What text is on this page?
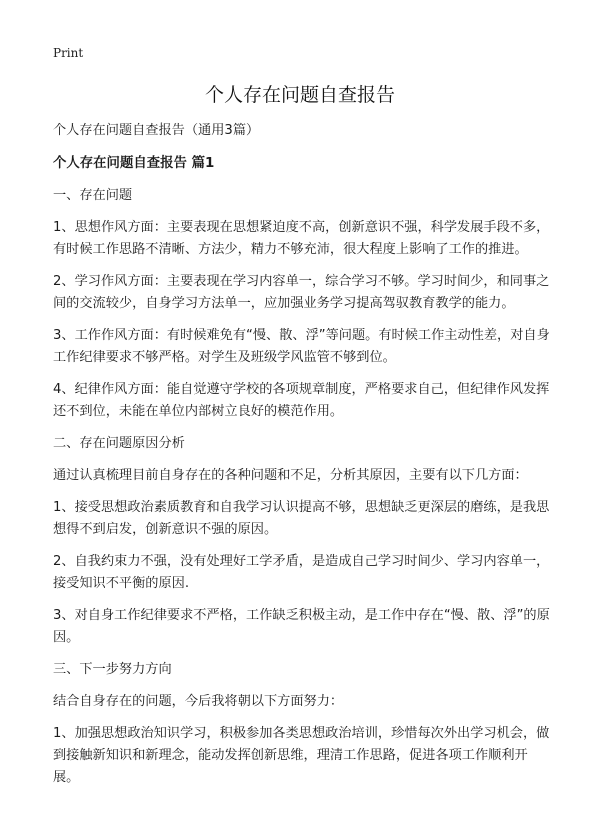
Print
个人存在问题自查报告

个人存在问题自查报告（通用3篇）

个人存在问题自查报告 篇1

一、存在问题

1、思想作风方面：主要表现在思想紧迫度不高，创新意识不强，科学发展手段不多，有时候工作思路不清晰、方法少，精力不够充沛，很大程度上影响了工作的推进。

2、学习作风方面：主要表现在学习内容单一，综合学习不够。学习时间少，和同事之间的交流较少，自身学习方法单一，应加强业务学习提高驾驭教育教学的能力。

3、工作作风方面：有时候难免有“慢、散、浮”等问题。有时候工作主动性差，对自身工作纪律要求不够严格。对学生及班级学风监管不够到位。

4、纪律作风方面：能自觉遵守学校的各项规章制度，严格要求自己，但纪律作风发挥还不到位，未能在单位内部树立良好的模范作用。

二、存在问题原因分析

通过认真梳理目前自身存在的各种问题和不足，分析其原因，主要有以下几方面：

1、接受思想政治素质教育和自我学习认识提高不够，思想缺乏更深层的磨练，是我思想得不到启发，创新意识不强的原因。

2、自我约束力不强，没有处理好工学矛盾，是造成自己学习时间少、学习内容单一，接受知识不平衡的原因.

3、对自身工作纪律要求不严格，工作缺乏积极主动，是工作中存在“慢、散、浮”的原因。

三、下一步努力方向

结合自身存在的问题，今后我将朝以下方面努力：

1、加强思想政治知识学习，积极参加各类思想政治培训，珍惜每次外出学习机会，做到接触新知识和新理念，能动发挥创新思维，理清工作思路，促进各项工作顺利开展。
